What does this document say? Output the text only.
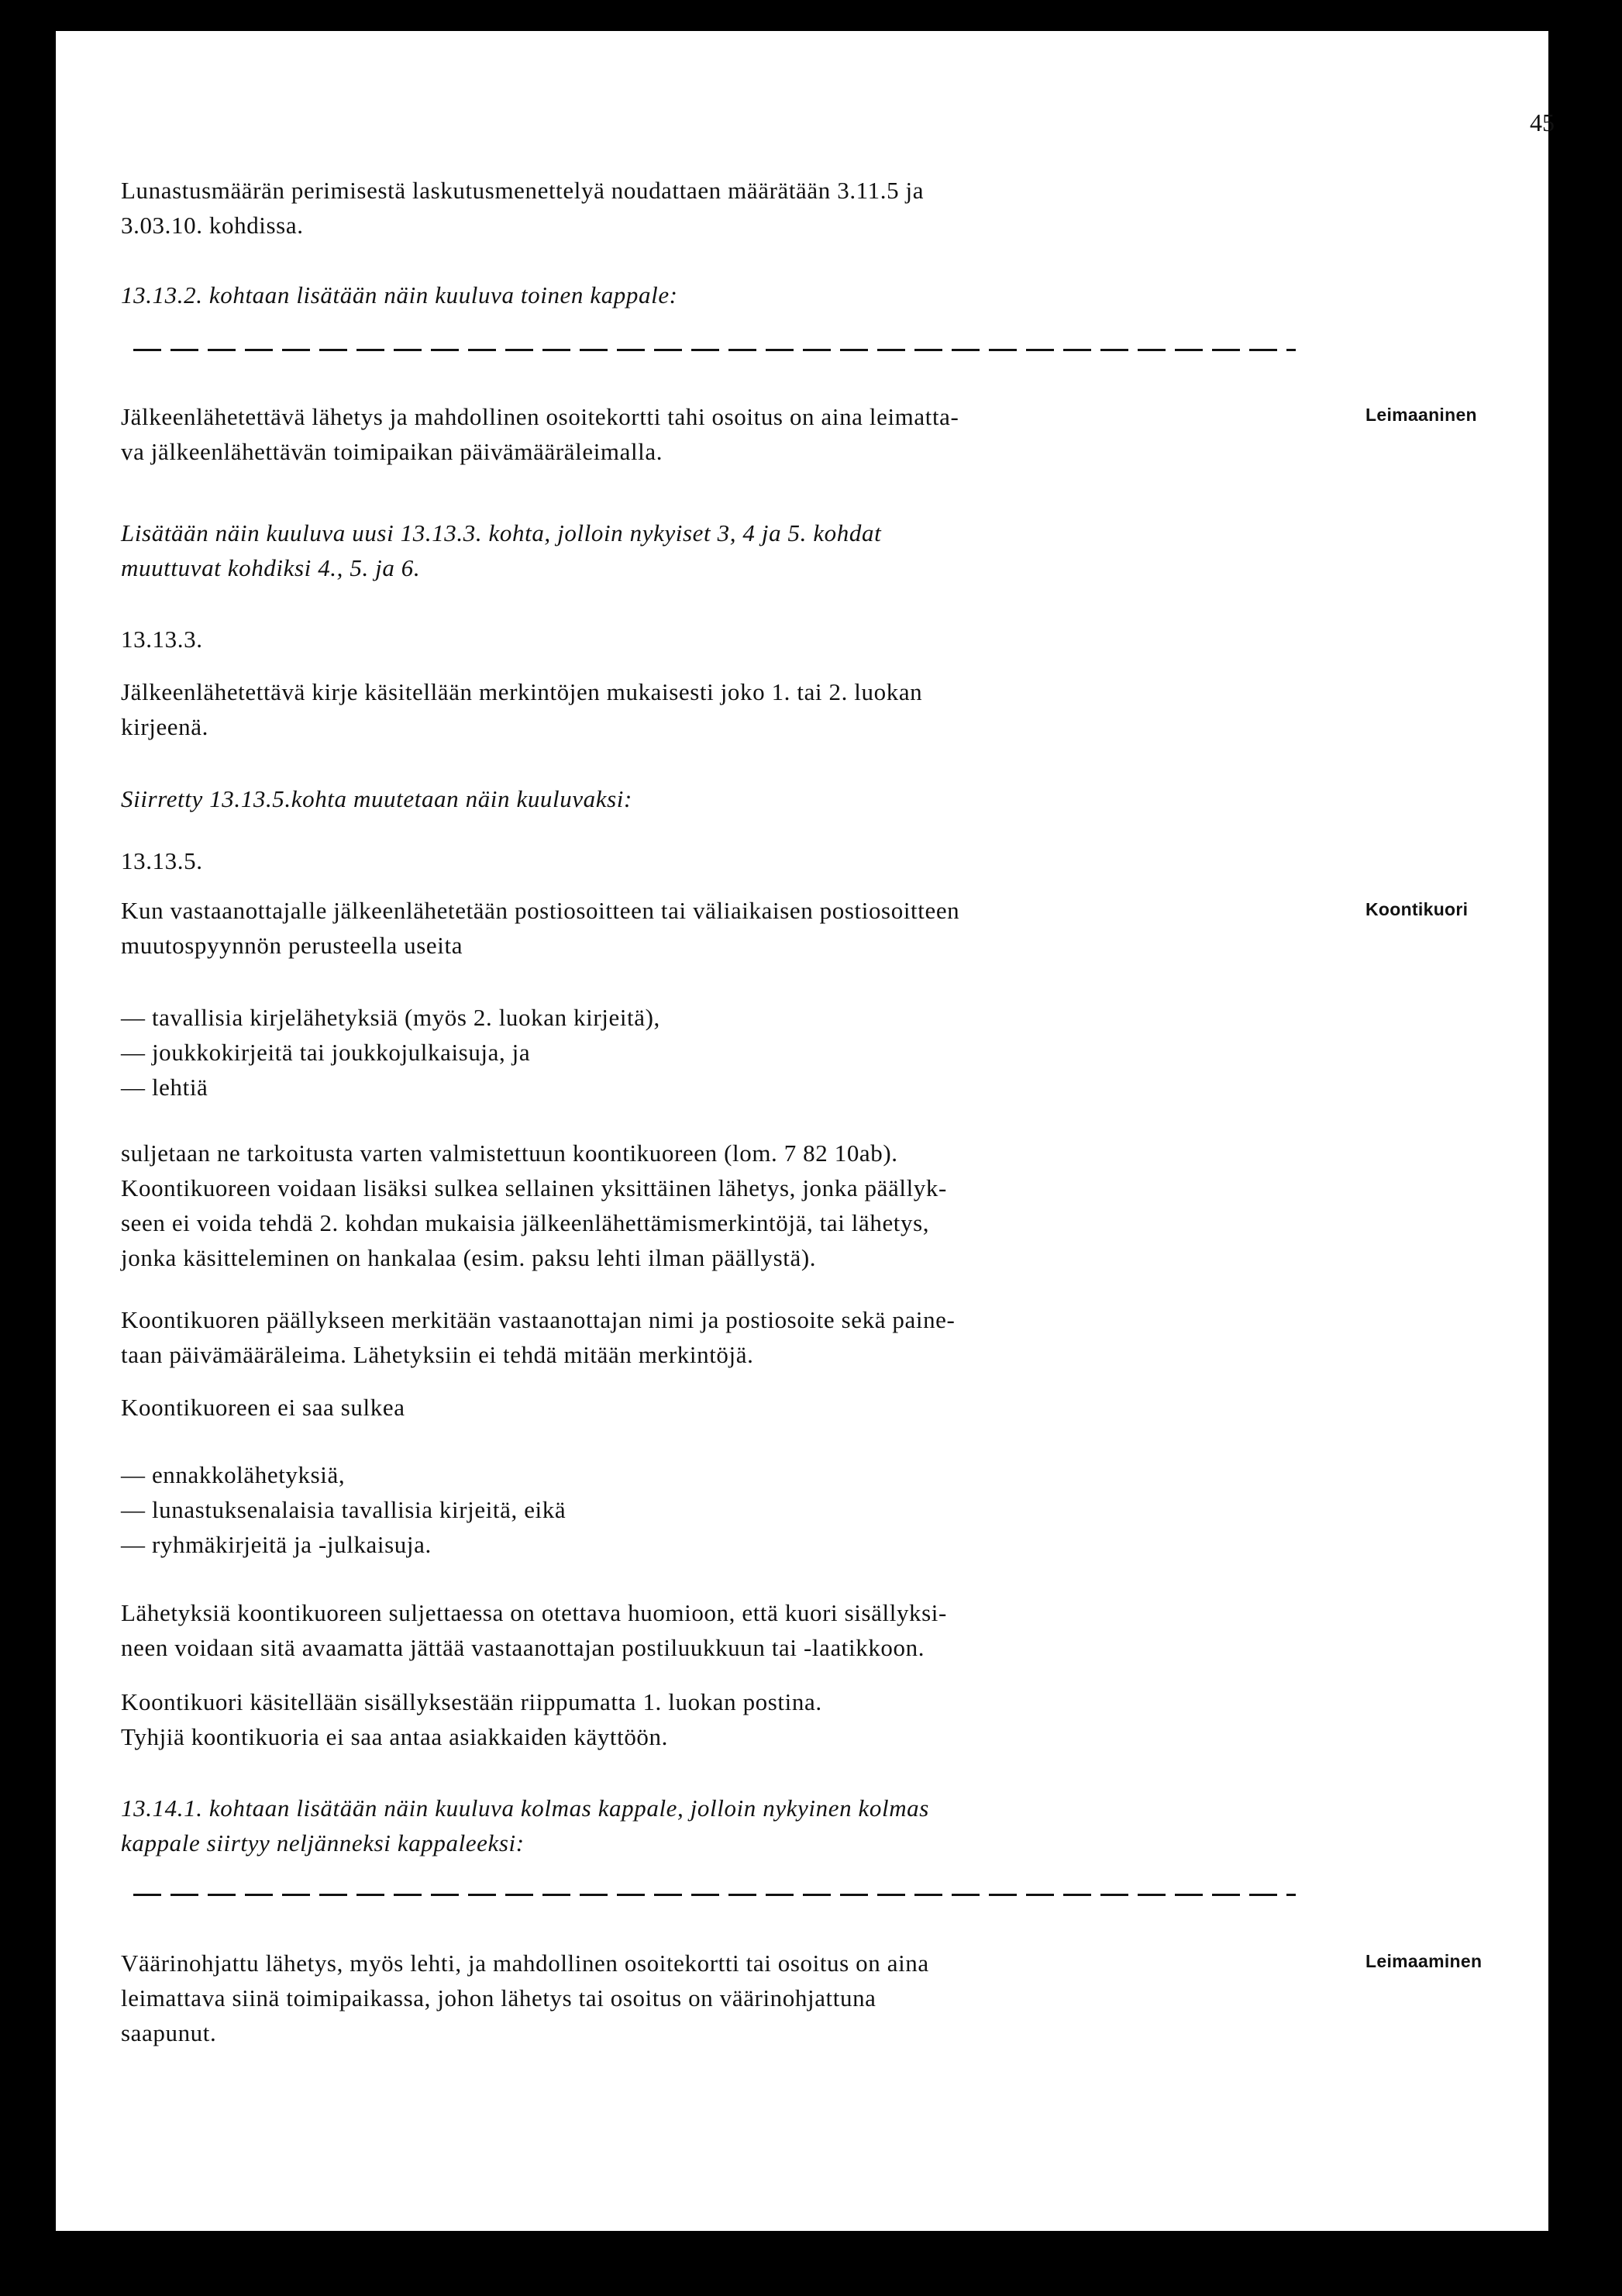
45
Lunastusmäärän perimisestä laskutusmenettelyä noudattaen määrätään 3.11.5 ja
3.03.10. kohdissa.
13.13.2. kohtaan lisätään näin kuuluva toinen kappale:
Jälkeenlähetettävä lähetys ja mahdollinen osoitekortti tahi osoitus on aina leimatta-
va jälkeenlähettävän toimipaikan päivämääräleimalla.
Leimaaninen
Lisätään näin kuuluva uusi 13.13.3. kohta, jolloin nykyiset 3, 4 ja 5. kohdat
muuttuvat kohdiksi 4., 5. ja 6.
13.13.3.
Jälkeenlähetettävä kirje käsitellään merkintöjen mukaisesti joko 1. tai 2. luokan
kirjeenä.
Siirretty 13.13.5.kohta muutetaan näin kuuluvaksi:
13.13.5.
Kun vastaanottajalle jälkeenlähetetään postiosoitteen tai väliaikaisen postiosoitteen
muutospyynnön perusteella useita
Koontikuori
— tavallisia kirjelähetyksiä (myös 2. luokan kirjeitä),
— joukkokirjeitä tai joukkojulkaisuja, ja
— lehtiä
suljetaan ne tarkoitusta varten valmistettuun koontikuoreen (lom. 7 82 10ab).
Koontikuoreen voidaan lisäksi sulkea sellainen yksittäinen lähetys, jonka päällyk-
seen ei voida tehdä 2. kohdan mukaisia jälkeenlähettämismerkintöjä, tai lähetys,
jonka käsitteleminen on hankalaa (esim. paksu lehti ilman päällystä).
Koontikuoren päällykseen merkitään vastaanottajan nimi ja postiosoite sekä paine-
taan päivämääräleima. Lähetyksiin ei tehdä mitään merkintöjä.
Koontikuoreen ei saa sulkea
— ennakkolähetyksiä,
— lunastuksenalaisia tavallisia kirjeitä, eikä
— ryhmäkirjeitä ja -julkaisuja.
Lähetyksiä koontikuoreen suljettaessa on otettava huomioon, että kuori sisällyksi-
neen voidaan sitä avaamatta jättää vastaanottajan postiluukkuun tai -laatikkoon.
Koontikuori käsitellään sisällyksestään riippumatta 1. luokan postina.
Tyhjiä koontikuoria ei saa antaa asiakkaiden käyttöön.
13.14.1. kohtaan lisätään näin kuuluva kolmas kappale, jolloin nykyinen kolmas
kappale siirtyy neljänneksi kappaleeksi:
Väärinohjattu lähetys, myös lehti, ja mahdollinen osoitekortti tai osoitus on aina
leimattava siinä toimipaikassa, johon lähetys tai osoitus on väärinohjattuna
saapunut.
Leimaaminen
